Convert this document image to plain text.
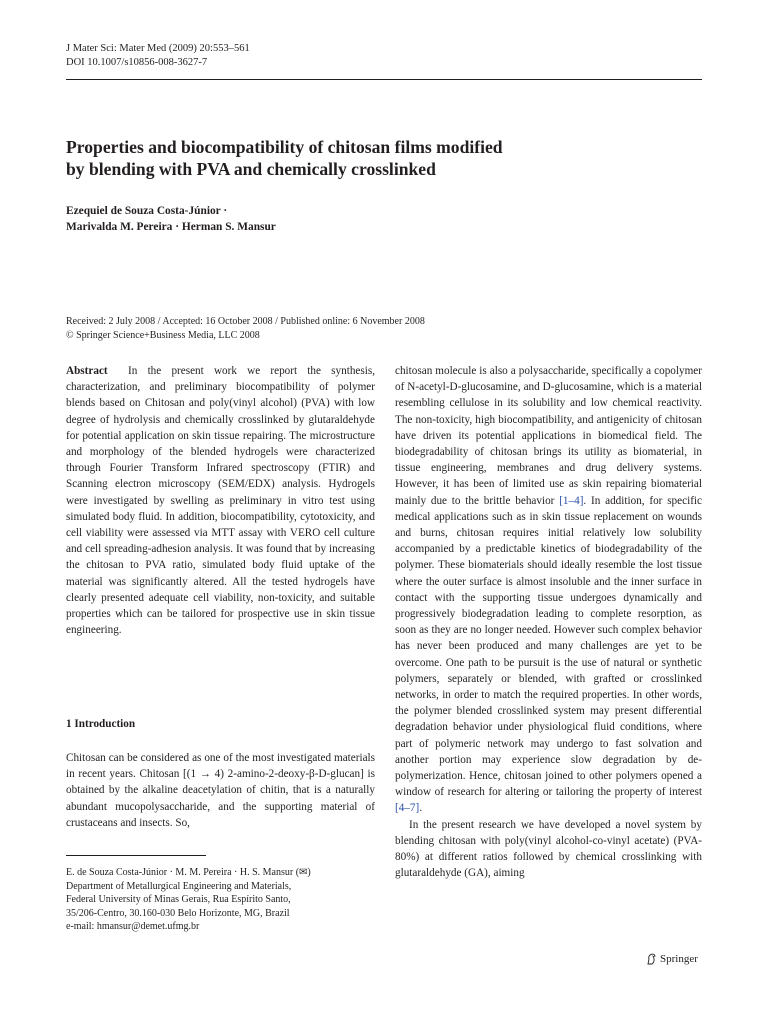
J Mater Sci: Mater Med (2009) 20:553–561
DOI 10.1007/s10856-008-3627-7
Properties and biocompatibility of chitosan films modified
by blending with PVA and chemically crosslinked
Ezequiel de Souza Costa-Júnior ·
Marivalda M. Pereira · Herman S. Mansur
Received: 2 July 2008 / Accepted: 16 October 2008 / Published online: 6 November 2008
© Springer Science+Business Media, LLC 2008

Abstract In the present work we report the synthesis, characterization, and preliminary biocompatibility of polymer blends based on Chitosan and poly(vinyl alcohol) (PVA) with low degree of hydrolysis and chemically crosslinked by glutaraldehyde for potential application on skin tissue repairing. The microstructure and morphology of the blended hydrogels were characterized through Fourier Transform Infrared spectroscopy (FTIR) and Scanning electron microscopy (SEM/EDX) analysis. Hydrogels were investigated by swelling as preliminary in vitro test using simulated body fluid. In addition, biocompatibility, cytotoxicity, and cell viability were assessed via MTT assay with VERO cell culture and cell spreading-adhesion analysis. It was found that by increasing the chitosan to PVA ratio, simulated body fluid uptake of the material was significantly altered. All the tested hydrogels have clearly presented adequate cell viability, non-toxicity, and suitable properties which can be tailored for prospective use in skin tissue engineering.

1 Introduction

Chitosan can be considered as one of the most investigated materials in recent years. Chitosan [(1 → 4) 2-amino-2-deoxy-β-D-glucan] is obtained by the alkaline deacetylation of chitin, that is a naturally abundant mucopolysaccharide, and the supporting material of crustaceans and insects. So,

E. de Souza Costa-Júnior · M. M. Pereira · H. S. Mansur (✉)
Department of Metallurgical Engineering and Materials,
Federal University of Minas Gerais, Rua Espírito Santo,
35/206-Centro, 30.160-030 Belo Horizonte, MG, Brazil
e-mail: hmansur@demet.ufmg.br

chitosan molecule is also a polysaccharide, specifically a copolymer of N-acetyl-D-glucosamine, and D-glucosamine, which is a material resembling cellulose in its solubility and low chemical reactivity. The non-toxicity, high biocompatibility, and antigenicity of chitosan have driven its potential applications in biomedical field. The biodegradability of chitosan brings its utility as biomaterial, in tissue engineering, membranes and drug delivery systems. However, it has been of limited use as skin repairing biomaterial mainly due to the brittle behavior [1–4]. In addition, for specific medical applications such as in skin tissue replacement on wounds and burns, chitosan requires initial relatively low solubility accompanied by a predictable kinetics of biodegradability of the polymer. These biomaterials should ideally resemble the lost tissue where the outer surface is almost insoluble and the inner surface in contact with the supporting tissue undergoes dynamically and progressively biodegradation leading to complete resorption, as soon as they are no longer needed. However such complex behavior has never been produced and many challenges are yet to be overcome. One path to be pursuit is the use of natural or synthetic polymers, separately or blended, with grafted or crosslinked networks, in order to match the required properties. In other words, the polymer blended crosslinked system may present differential degradation behavior under physiological fluid conditions, where part of polymeric network may undergo to fast solvation and another portion may experience slow degradation by de-polymerization. Hence, chitosan joined to other polymers opened a window of research for altering or tailoring the property of interest [4–7].

In the present research we have developed a novel system by blending chitosan with poly(vinyl alcohol-co-vinyl acetate) (PVA-80%) at different ratios followed by chemical crosslinking with glutaraldehyde (GA), aiming

Springer
